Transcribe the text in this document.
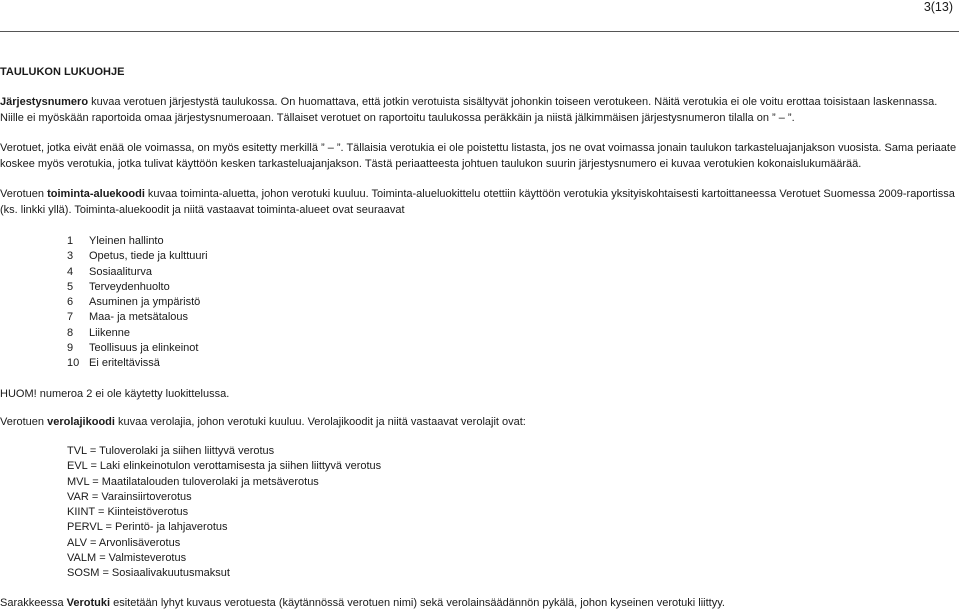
3(13)
TAULUKON LUKUOHJE
Järjestysnumero kuvaa verotuen järjestystä taulukossa. On huomattava, että jotkin verotuista sisältyvät johonkin toiseen verotukeen. Näitä verotukia ei ole voitu erottaa toisistaan laskennassa. Niille ei myöskään raportoida omaa järjestysnumeroaan. Tällaiset verotuet on raportoitu taulukossa peräkkäin ja niistä jälkimmäisen järjestysnumeron tilalla on ” – ”.
Verotuet, jotka eivät enää ole voimassa, on myös esitetty merkillä ” – ”. Tällaisia verotukia ei ole poistettu listasta, jos ne ovat voimassa jonain taulukon tarkasteluajanjakson vuosista. Sama periaate koskee myös verotukia, jotka tulivat käyttöön kesken tarkasteluajanjakson. Tästä periaatteesta johtuen taulukon suurin järjestysnumero ei kuvaa verotukien kokonaislukumäärää.
Verotuen toiminta-aluekoodi kuvaa toiminta-aluetta, johon verotuki kuuluu. Toiminta-alueluokittelu otettiin käyttöön verotukia yksityiskohtaisesti kartoittaneessa Verotuet Suomessa 2009-raportissa (ks. linkki yllä). Toiminta-aluekoodit ja niitä vastaavat toiminta-alueet ovat seuraavat
1 Yleinen hallinto
3 Opetus, tiede ja kulttuuri
4 Sosiaaliturva
5 Terveydenhuolto
6 Asuminen ja ympäristö
7 Maa- ja metsätalous
8 Liikenne
9 Teollisuus ja elinkeinot
10 Ei eriteltävissä
HUOM! numeroa 2 ei ole käytetty luokittelussa.
Verotuen verolajikoodi kuvaa verolajia, johon verotuki kuuluu. Verolajikoodit ja niitä vastaavat verolajit ovat:
TVL = Tuloverolaki ja siihen liittyvä verotus
EVL = Laki elinkeinotulon verottamisesta ja siihen liittyvä verotus
MVL = Maatilatalouden tuloverolaki ja metsäverotus
VAR = Varainsiirtoverotus
KIINT = Kiinteistöverotus
PERVL = Perintö- ja lahjaverotus
ALV = Arvonlisäverotus
VALM = Valmisteverotus
SOSM = Sosiaalivakuutusmaksut
Sarakkeessa Verotuki esitetään lyhyt kuvaus verotuesta (käytännössä verotuen nimi) sekä verolainsäädännön pykälä, johon kyseinen verotuki liittyy.
